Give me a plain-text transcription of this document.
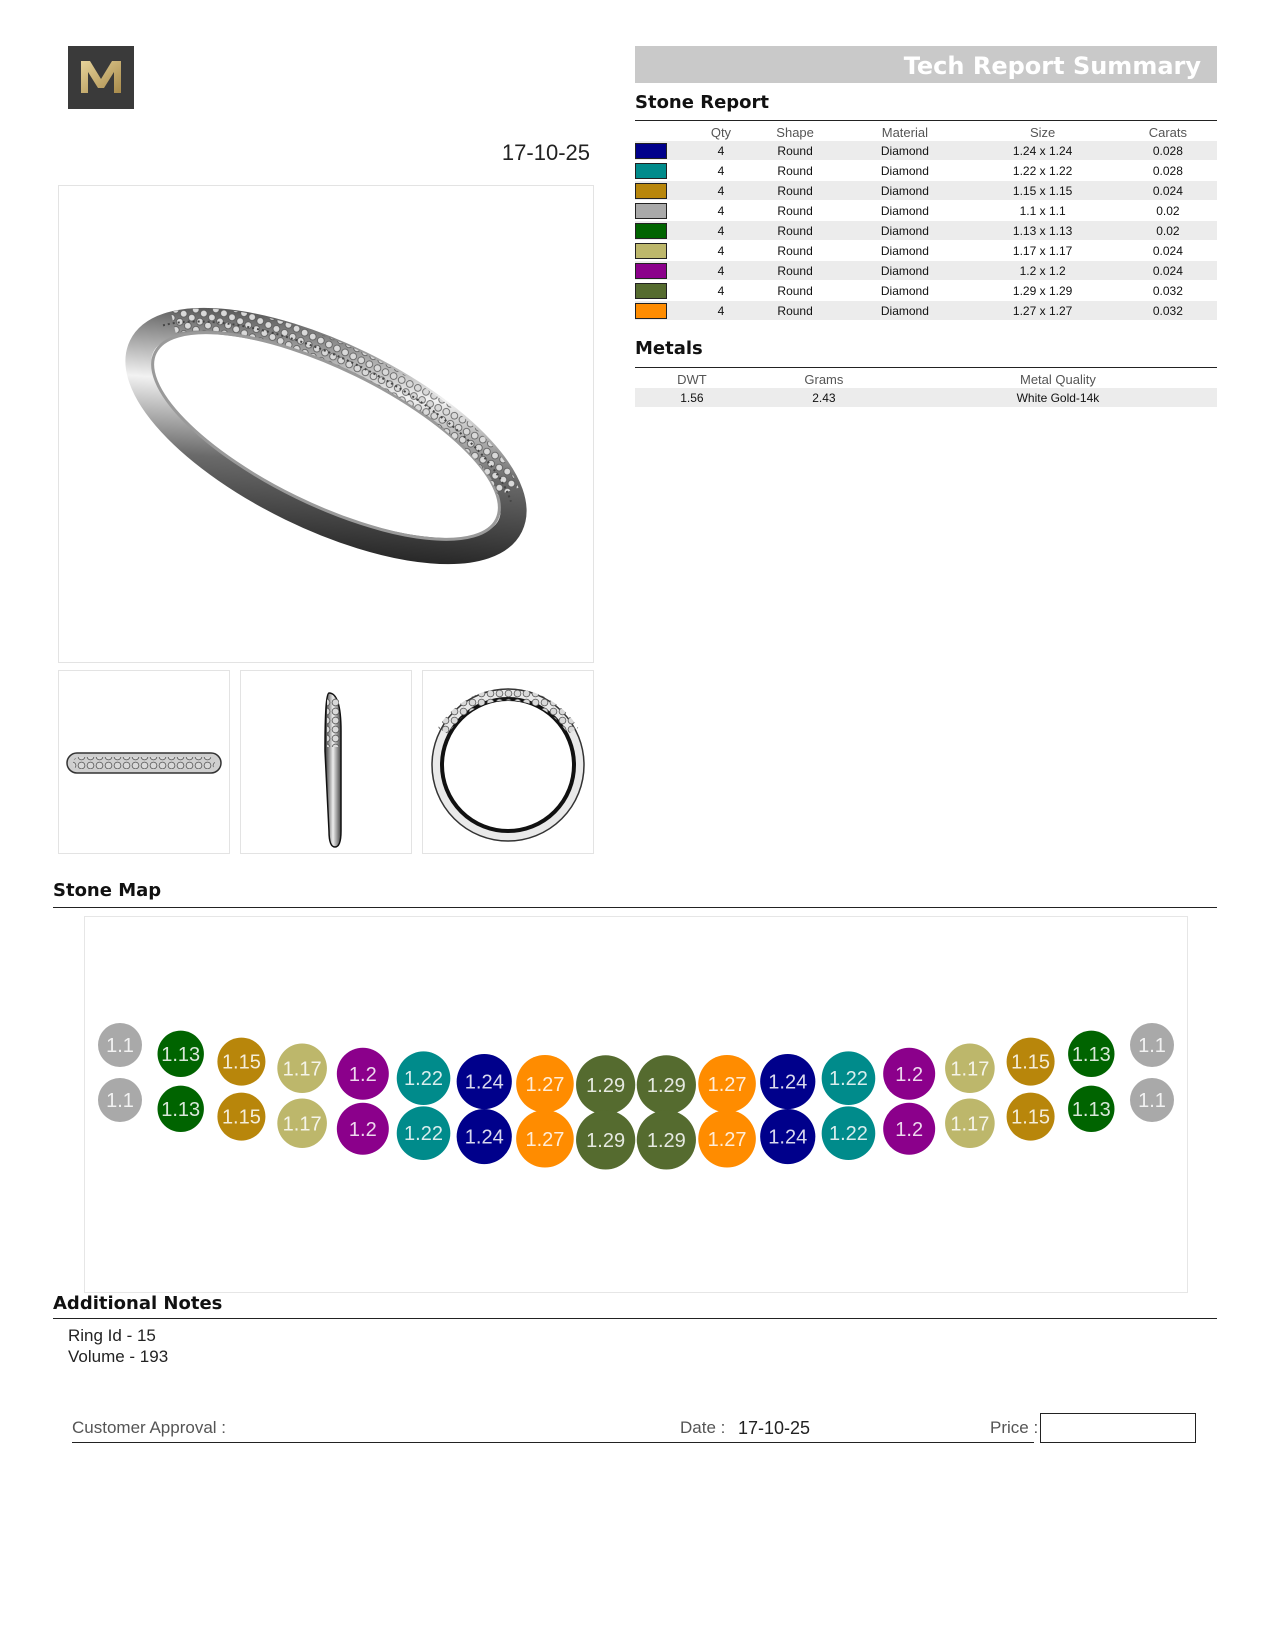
17-10-25
Tech Report Summary
Stone Report
	Qty	Shape	Material	Size	Carats
	4	Round	Diamond	1.24 x 1.24	0.028
	4	Round	Diamond	1.22 x 1.22	0.028
	4	Round	Diamond	1.15 x 1.15	0.024
	4	Round	Diamond	1.1 x 1.1	0.02
	4	Round	Diamond	1.13 x 1.13	0.02
	4	Round	Diamond	1.17 x 1.17	0.024
	4	Round	Diamond	1.2 x 1.2	0.024
	4	Round	Diamond	1.29 x 1.29	0.032
	4	Round	Diamond	1.27 x 1.27	0.032
Metals
DWT	Grams	Metal Quality
1.56	2.43	White Gold-14k
Stone Map
1.1 1.13 1.15 1.17 1.2 1.22 1.24 1.27 1.29 1.29 1.27 1.24 1.22 1.2 1.17 1.15 1.13 1.1
1.1 1.13 1.15 1.17 1.2 1.22 1.24 1.27 1.29 1.29 1.27 1.24 1.22 1.2 1.17 1.15 1.13 1.1
Additional Notes
Ring Id - 15
Volume - 193
Customer Approval :	Date : 17-10-25	Price :
